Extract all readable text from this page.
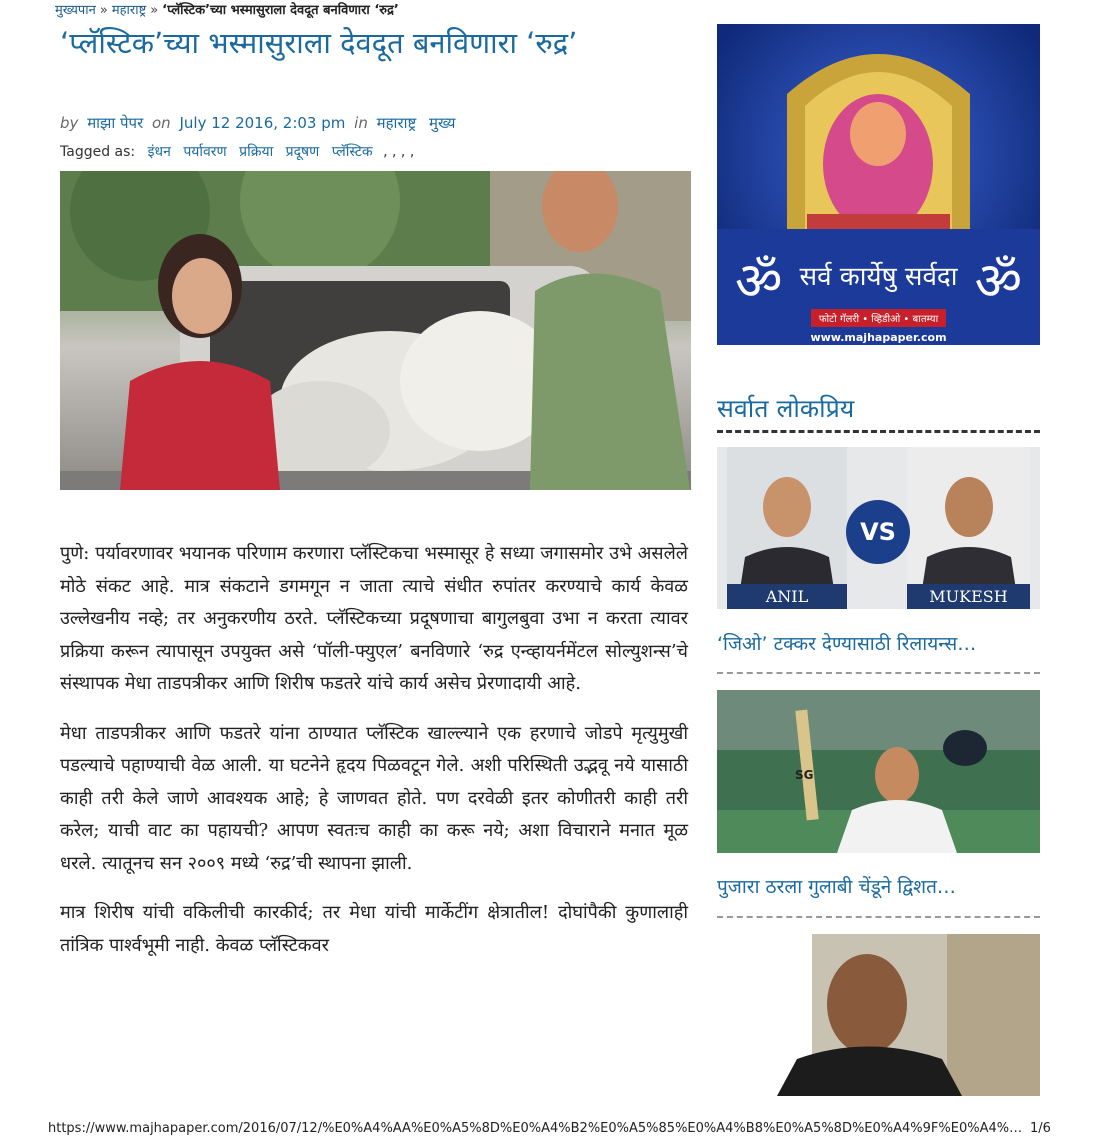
मुख्यपान » महाराष्ट्र » ‘प्लॅस्टिक’च्या भस्मासुराला देवदूत बनविणारा ‘रुद्र’
‘प्लॅस्टिक’च्या भस्मासुराला देवदूत बनविणारा ‘रुद्र’
by माझा पेपर on July 12 2016, 2:03 pm in महाराष्ट्र मुख्य
Tagged as: इंधन पर्यावरण प्रक्रिया प्रदूषण प्लॅस्टिक , , , ,

पुणे: पर्यावरणावर भयानक परिणाम करणारा प्लॅस्टिकचा भस्मासूर हे सध्या जगासमोर उभे असलेले मोठे संकट आहे. मात्र संकटाने डगमगून न जाता त्याचे संधीत रुपांतर करण्याचे कार्य केवळ उल्लेखनीय नव्हे; तर अनुकरणीय ठरते. प्लॅस्टिकच्या प्रदूषणाचा बागुलबुवा उभा न करता त्यावर प्रक्रिया करून त्यापासून उपयुक्त असे ‘पॉली-फ्युएल’ बनविणारे ‘रुद्र एन्व्हायर्नमेंटल सोल्युशन्स’चे संस्थापक मेधा ताडपत्रीकर आणि शिरीष फडतरे यांचे कार्य असेच प्रेरणादायी आहे.

मेधा ताडपत्रीकर आणि फडतरे यांना ठाण्यात प्लॅस्टिक खाल्ल्याने एक हरणाचे जोडपे मृत्युमुखी पडल्याचे पहाण्याची वेळ आली. या घटनेने हृदय पिळवटून गेले. अशी परिस्थिती उद्भवू नये यासाठी काही तरी केले जाणे आवश्यक आहे; हे जाणवत होते. पण दरवेळी इतर कोणीतरी काही तरी करेल; याची वाट का पहायची? आपण स्वतःच काही का करू नये; अशा विचाराने मनात मूळ धरले. त्यातूनच सन २००९ मध्ये ‘रुद्र’ची स्थापना झाली.

मात्र शिरीष यांची वकिलीची कारकीर्द; तर मेधा यांची मार्केटींग क्षेत्रातील! दोघांपैकी कुणालाही तांत्रिक पार्श्वभूमी नाही. केवळ प्लॅस्टिकवर

सर्व कार्येषु सर्वदा
फोटो गॅलरी • व्हिडीओ • बातम्या
www.majhapaper.com
ॐ	ॐ
सर्वात लोकप्रिय
ANIL
VS
MUKESH
‘जिओ’ टक्कर देण्यासाठी रिलायन्स…
SG
पुजारा ठरला गुलाबी चेंडूने द्विशत…
https://www.majhapaper.com/2016/07/12/%E0%A4%AA%E0%A5%8D%E0%A4%B2%E0%A5%85%E0%A4%B8%E0%A5%8D%E0%A4%9F%E0%A4%… 1/6
